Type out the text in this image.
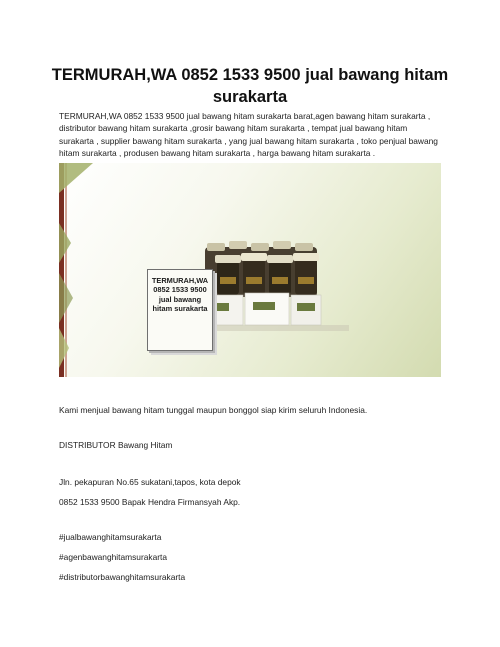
TERMURAH,WA 0852 1533 9500 jual bawang hitam surakarta
TERMURAH,WA 0852 1533 9500 jual bawang hitam surakarta barat,agen bawang hitam surakarta , distributor bawang hitam surakarta ,grosir bawang hitam surakarta , tempat jual bawang hitam surakarta , supplier bawang hitam surakarta , yang jual bawang hitam surakarta , toko penjual bawang hitam surakarta , produsen bawang hitam surakarta , harga bawang hitam surakarta .
TERMURAH,WA 0852 1533 9500 jual bawang hitam surakarta
Kami menjual bawang hitam tunggal maupun bonggol siap kirim seluruh Indonesia.
DISTRIBUTOR Bawang Hitam
Jln. pekapuran No.65 sukatani,tapos, kota depok
0852 1533 9500 Bapak Hendra Firmansyah Akp.
#jualbawanghitamsurakarta
#agenbawanghitamsurakarta
#distributorbawanghitamsurakarta
